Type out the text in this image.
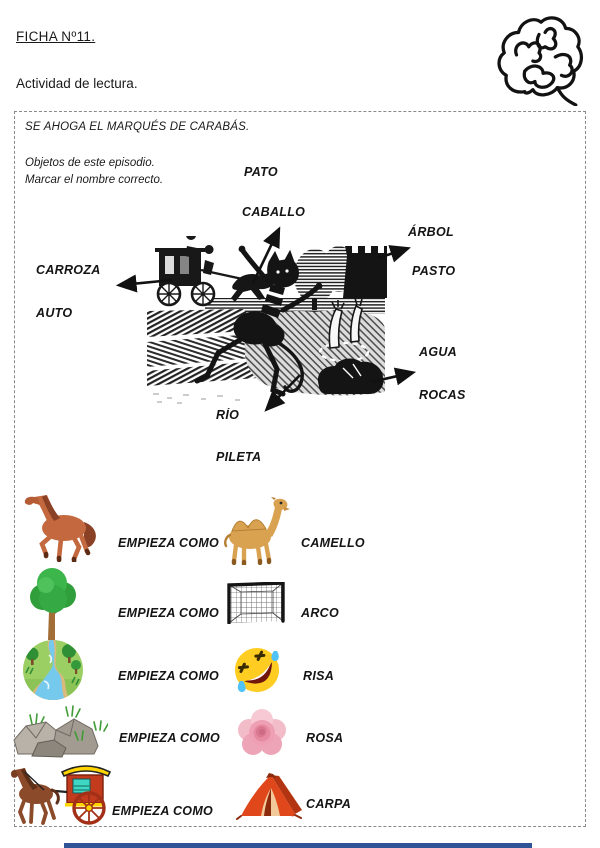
FICHA Nº11.
Actividad de lectura.
SE AHOGA EL MARQUÉS DE CARABÁS.
Objetos de este episodio.
Marcar el nombre correcto.
PATO
CABALLO
ÁRBOL
PASTO
CARROZA
AUTO
AGUA
ROCAS
RÍO
PILETA
EMPIEZA COMO	CAMELLO
EMPIEZA COMO	ARCO
EMPIEZA COMO	RISA
EMPIEZA COMO	ROSA
EMPIEZA COMO	CARPA
